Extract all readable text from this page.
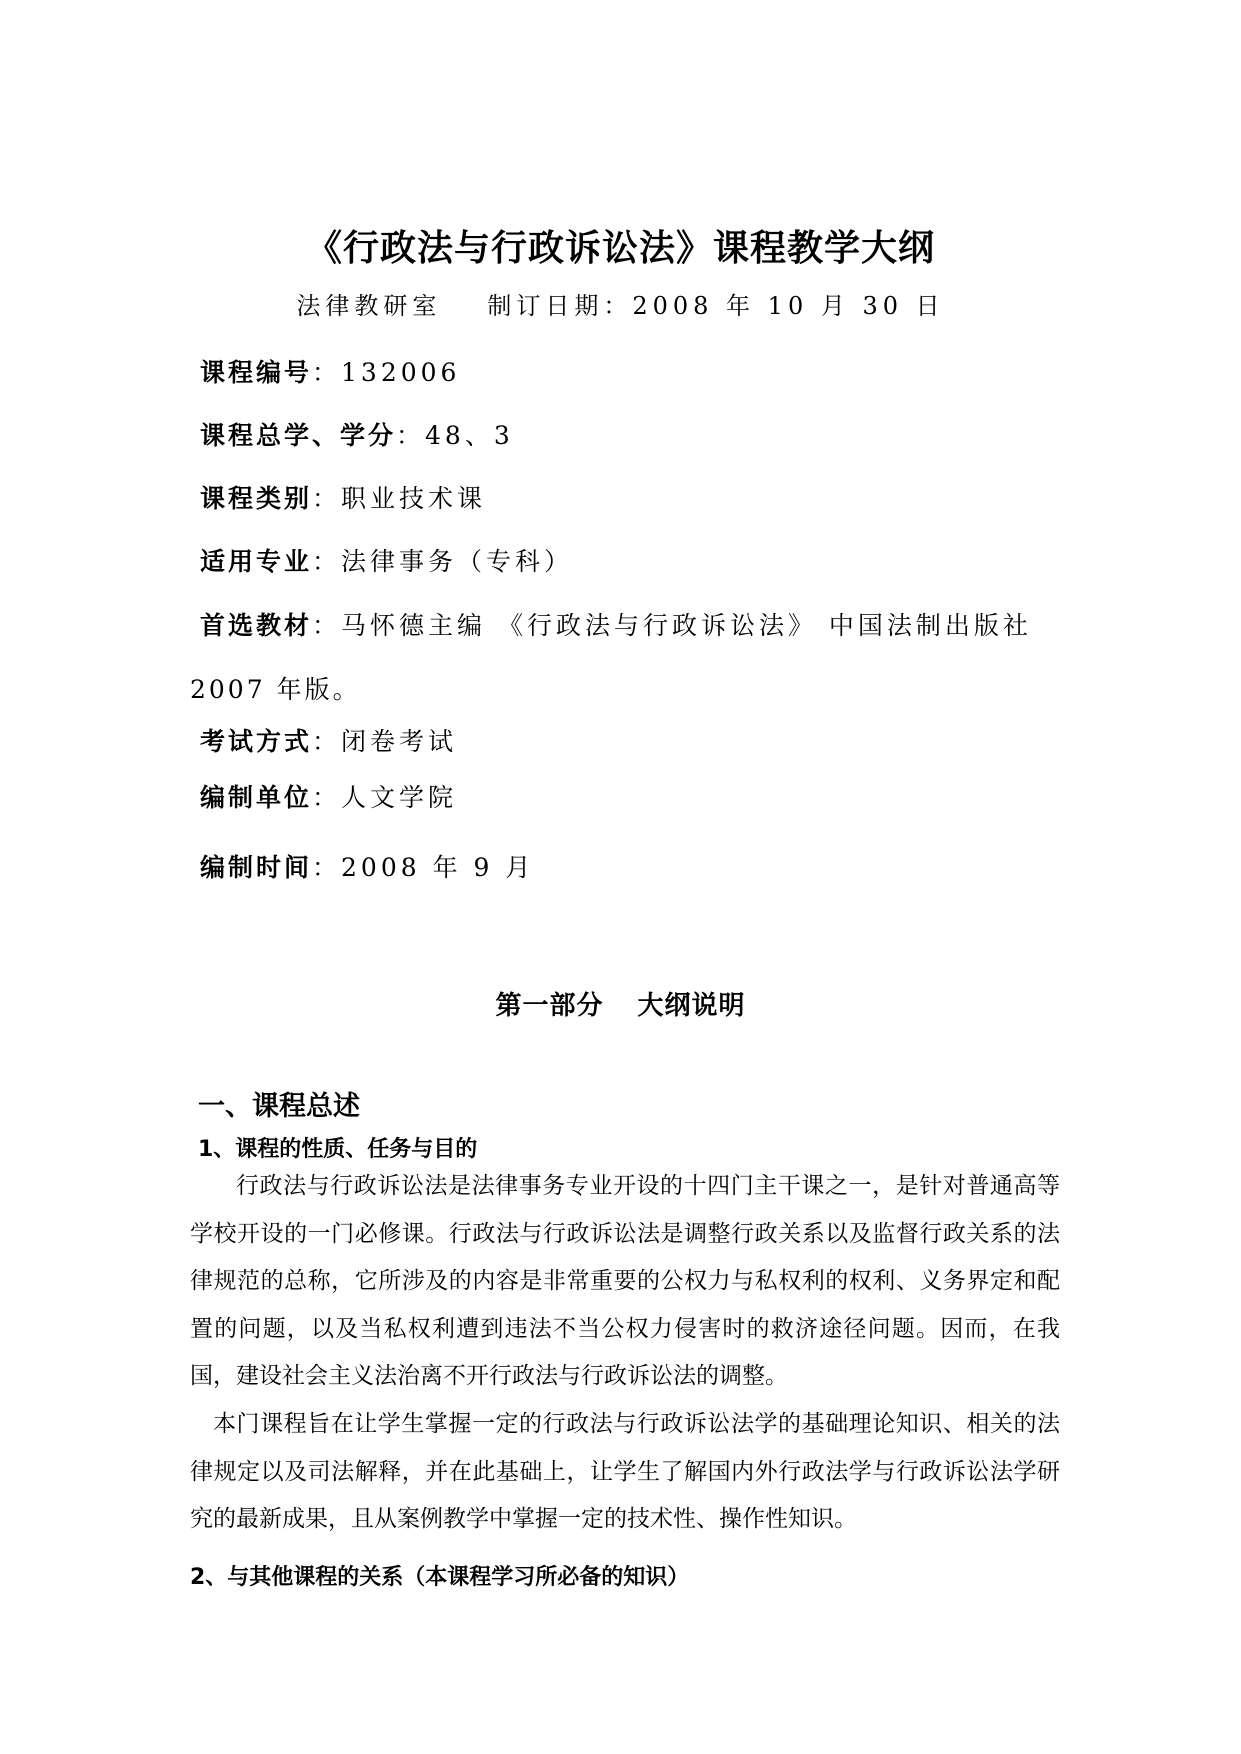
《行政法与行政诉讼法》课程教学大纲
法律教研室 制订日期：2008 年 10 月 30 日
课程编号：132006
课程总学、学分：48、3
课程类别：职业技术课
适用专业：法律事务（专科）
首选教材：马怀德主编 《行政法与行政诉讼法》 中国法制出版社
2007 年版。
考试方式：闭卷考试
编制单位：人文学院
编制时间：2008 年 9 月
第一部分 大纲说明
一、课程总述
1、课程的性质、任务与目的

行政法与行政诉讼法是法律事务专业开设的十四门主干课之一，是针对普通高等学校开设的一门必修课。行政法与行政诉讼法是调整行政关系以及监督行政关系的法律规范的总称，它所涉及的内容是非常重要的公权力与私权利的权利、义务界定和配置的问题，以及当私权利遭到违法不当公权力侵害时的救济途径问题。因而，在我国，建设社会主义法治离不开行政法与行政诉讼法的调整。

本门课程旨在让学生掌握一定的行政法与行政诉讼法学的基础理论知识、相关的法律规定以及司法解释，并在此基础上，让学生了解国内外行政法学与行政诉讼法学研究的最新成果，且从案例教学中掌握一定的技术性、操作性知识。

2、与其他课程的关系（本课程学习所必备的知识）
